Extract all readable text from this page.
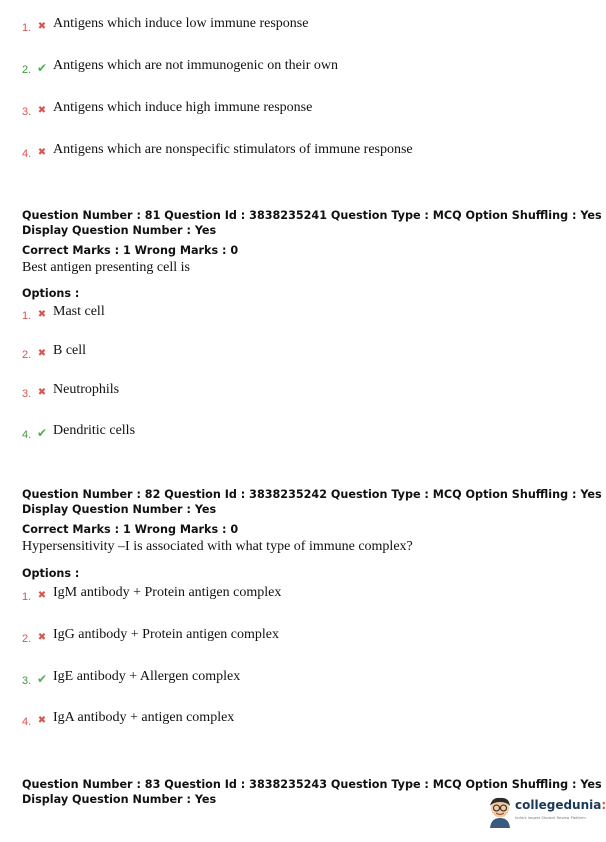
1. ✖ Antigens which induce low immune response
2. ✔ Antigens which are not immunogenic on their own
3. ✖ Antigens which induce high immune response
4. ✖ Antigens which are nonspecific stimulators of immune response
Question Number : 81 Question Id : 3838235241 Question Type : MCQ Option Shuffling : Yes
Display Question Number : Yes
Correct Marks : 1 Wrong Marks : 0
Best antigen presenting cell is
Options :
1. ✖ Mast cell
2. ✖ B cell
3. ✖ Neutrophils
4. ✔ Dendritic cells
Question Number : 82 Question Id : 3838235242 Question Type : MCQ Option Shuffling : Yes
Display Question Number : Yes
Correct Marks : 1 Wrong Marks : 0
Hypersensitivity –I is associated with what type of immune complex?
Options :
1. ✖ IgM antibody + Protein antigen complex
2. ✖ IgG antibody + Protein antigen complex
3. ✔ IgE antibody + Allergen complex
4. ✖ IgA antibody + antigen complex
Question Number : 83 Question Id : 3838235243 Question Type : MCQ Option Shuffling : Yes
Display Question Number : Yes	collegedunia:
India's largest Student Review Platform
